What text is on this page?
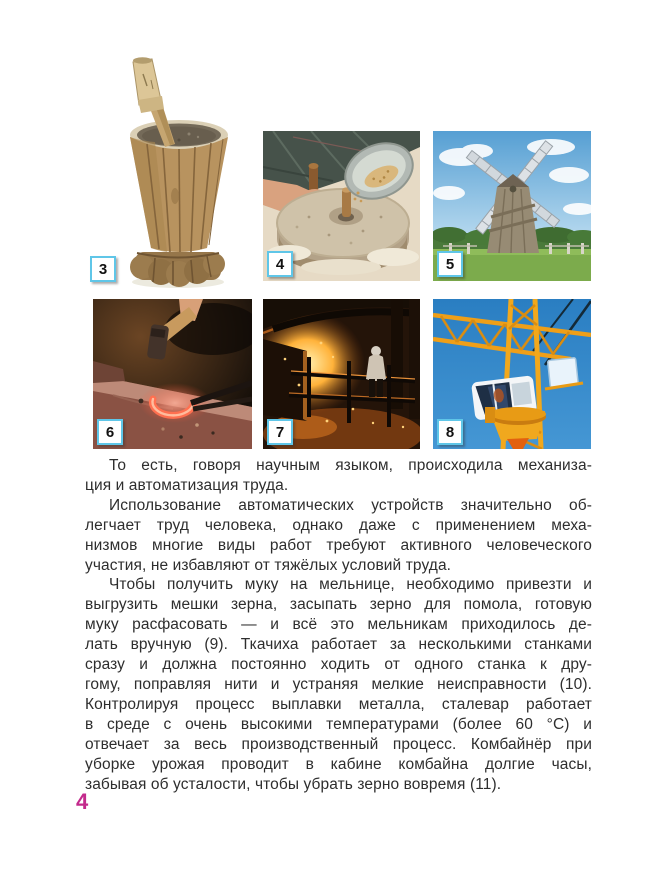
3	4	5
6	7	8
То есть, говоря научным языком, происходила механиза-
ция и автоматизация труда.
Использование автоматических устройств значительно об-
легчает труд человека, однако даже с применением меха-
низмов многие виды работ требуют активного человеческого
участия, не избавляют от тяжёлых условий труда.
Чтобы получить муку на мельнице, необходимо привезти и
выгрузить мешки зерна, засыпать зерно для помола, готовую
муку расфасовать — и всё это мельникам приходилось де-
лать вручную (9). Ткачиха работает за несколькими станками
сразу и должна постоянно ходить от одного станка к дру-
гому, поправляя нити и устраняя мелкие неисправности (10).
Контролируя процесс выплавки металла, сталевар работает
в среде с очень высокими температурами (более 60 °C) и
отвечает за весь производственный процесс. Комбайнёр при
уборке урожая проводит в кабине комбайна долгие часы,
забывая об усталости, чтобы убрать зерно вовремя (11).
4
